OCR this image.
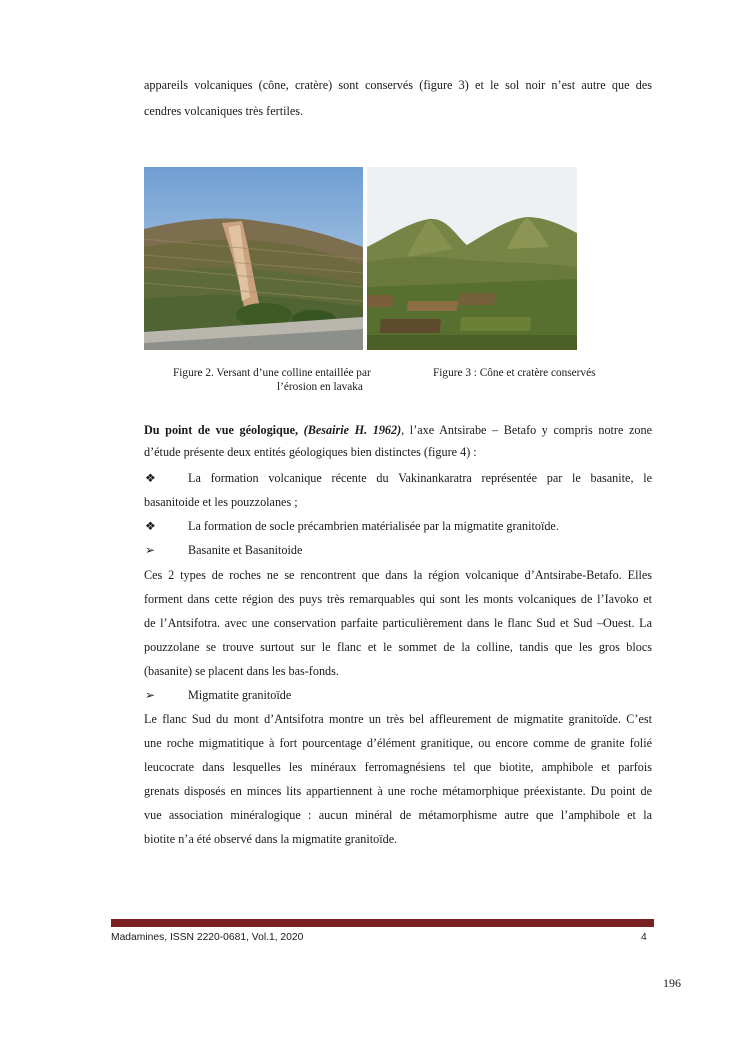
appareils volcaniques (cône, cratère) sont conservés (figure 3) et le sol noir n’est autre que des
cendres volcaniques très fertiles.
Figure 2. Versant d’une colline entaillée par
l’érosion en lavaka
Figure 3 : Cône et cratère conservés
Du point de vue géologique, (Besairie H. 1962), l’axe Antsirabe – Betafo y compris notre zone
d’étude présente deux entités géologiques bien distinctes (figure 4) :
❖	La formation volcanique récente du Vakinankaratra représentée par le basanite, le
basanitoide et les pouzzolanes ;
❖	La formation de socle précambrien matérialisée par la migmatite granitoïde.
➢	Basanite et Basanitoide
Ces 2 types de roches ne se rencontrent que dans la région volcanique d’Antsirabe-Betafo. Elles
forment dans cette région des puys très remarquables qui sont les monts volcaniques de l’Iavoko et
de l’Antsifotra. avec une conservation parfaite particulièrement dans le flanc Sud et Sud –Ouest. La
pouzzolane se trouve surtout sur le flanc et le sommet de la colline, tandis que les gros blocs
(basanite) se placent dans les bas-fonds.
➢	Migmatite granitoïde
Le flanc Sud du mont d’Antsifotra montre un très bel affleurement de migmatite granitoïde. C’est
une roche migmatitique à fort pourcentage d’élément granitique, ou encore comme de granite folié
leucocrate dans lesquelles les minéraux ferromagnésiens tel que biotite, amphibole et parfois
grenats disposés en minces lits appartiennent à une roche métamorphique préexistante. Du point de
vue association minéralogique : aucun minéral de métamorphisme autre que l’amphibole et la
biotite n’a été observé dans la migmatite granitoïde.
Madamines, ISSN 2220-0681, Vol.1, 2020	4
196
